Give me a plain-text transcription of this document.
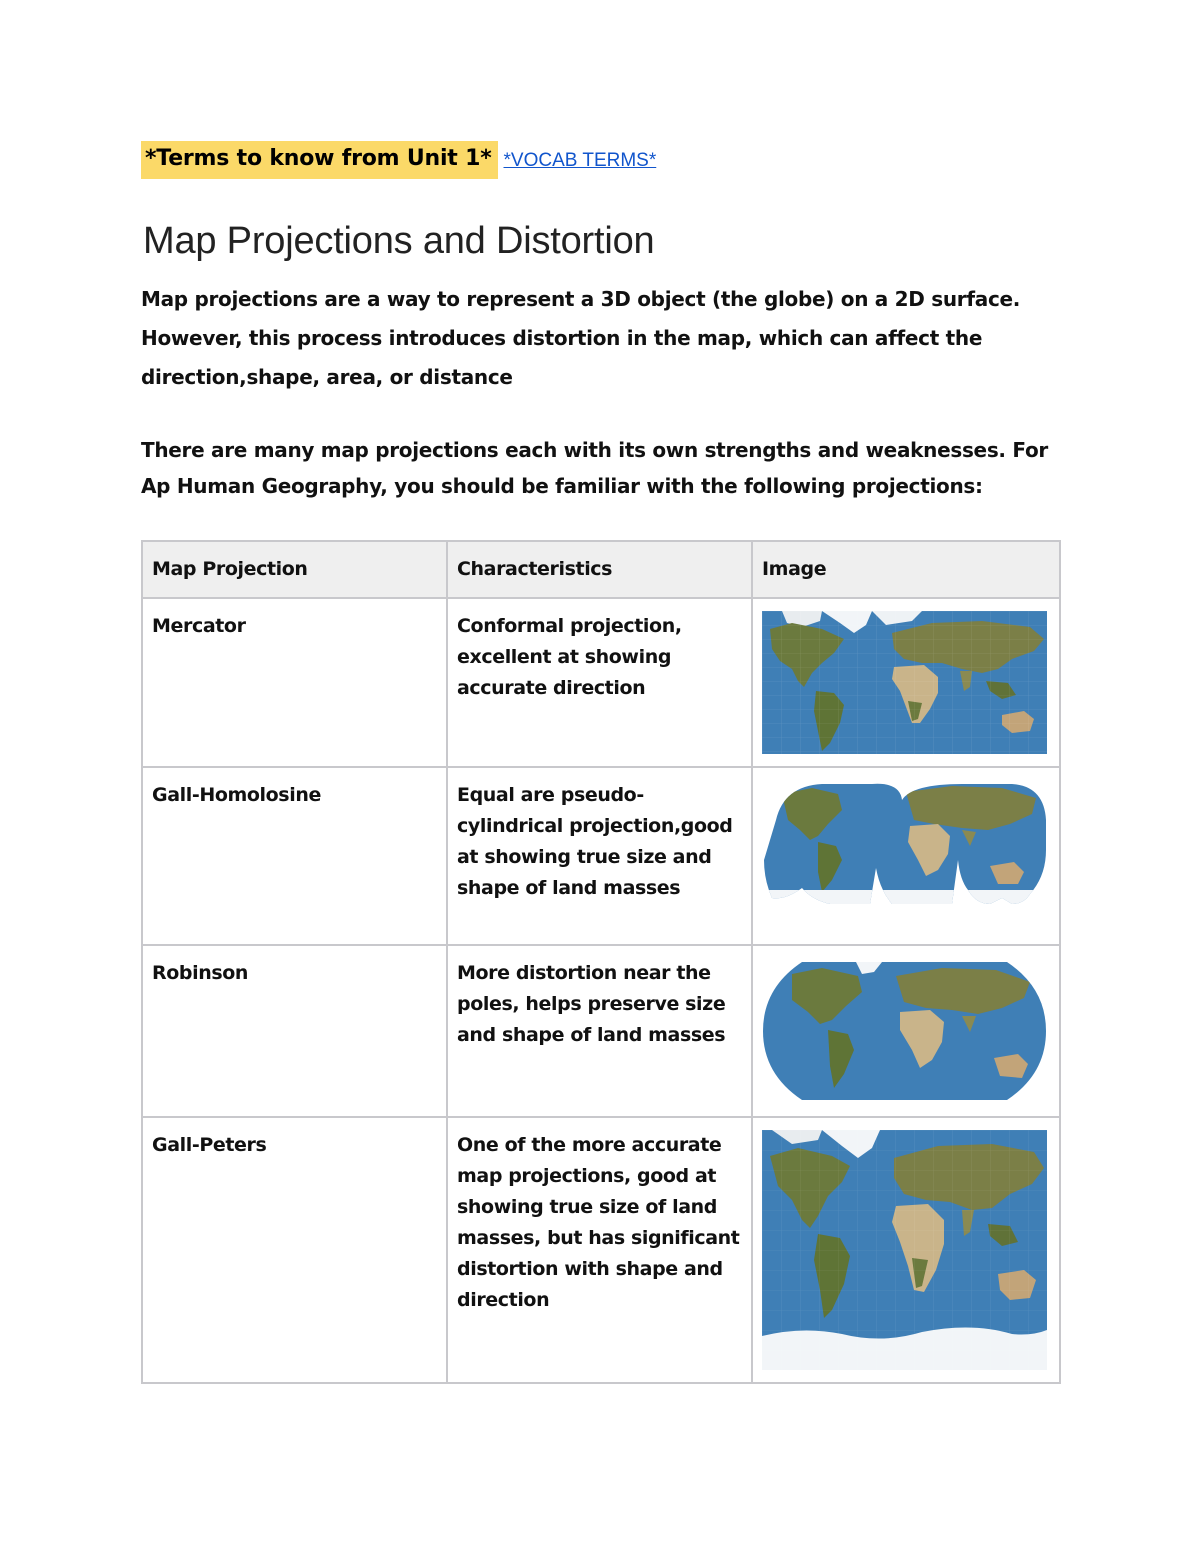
*Terms to know from Unit 1* *VOCAB TERMS*
Map Projections and Distortion

Map projections are a way to represent a 3D object (the globe) on a 2D surface. However, this process introduces distortion in the map, which can affect the direction,shape, area, or distance

There are many map projections each with its own strengths and weaknesses. For Ap Human Geography, you should be familiar with the following projections:

Map Projection	Characteristics	Image
Mercator	Conformal projection, excellent at showing accurate direction	

Gall-Homolosine	Equal are pseudo-cylindrical projection,good at showing true size and shape of land masses	

Robinson	More distortion near the poles, helps preserve size and shape of land masses	

Gall-Peters	One of the more accurate map projections, good at showing true size of land masses, but has significant distortion with shape and direction	
